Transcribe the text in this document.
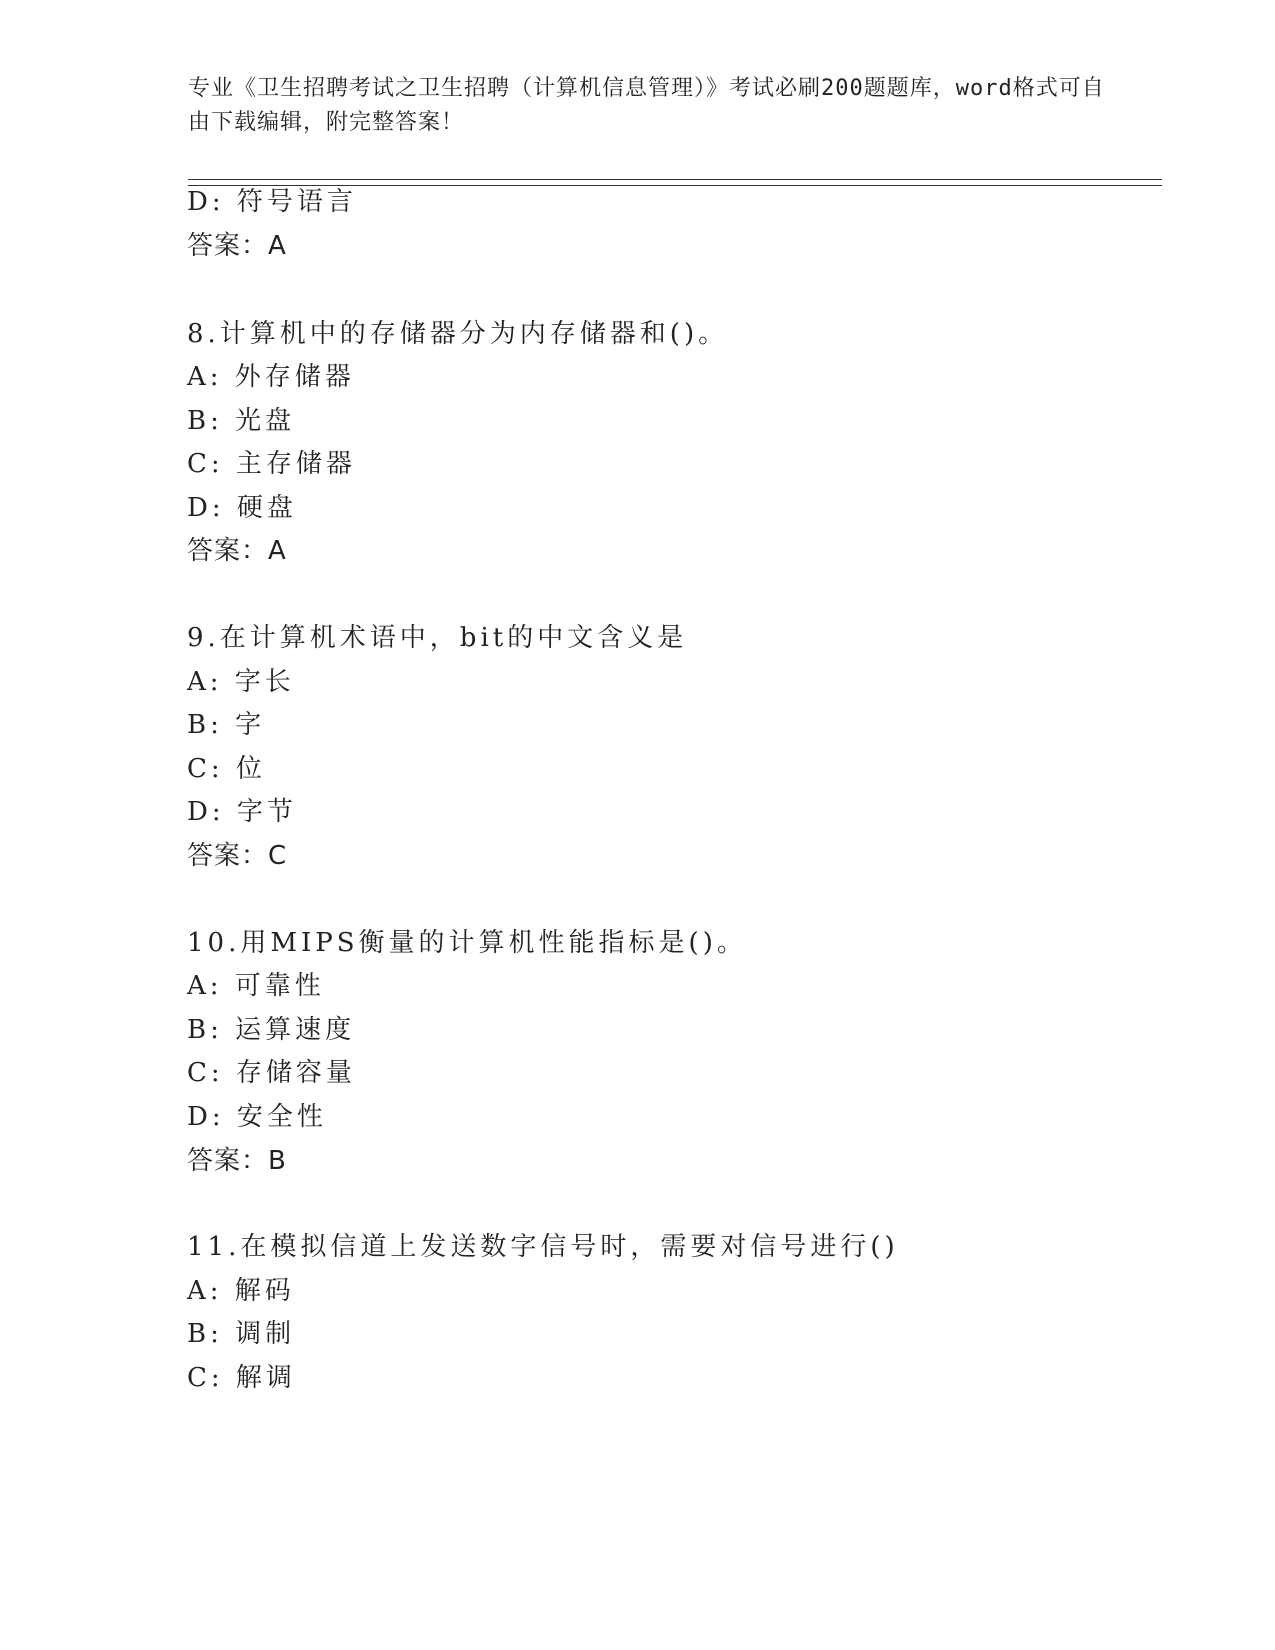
专业《卫生招聘考试之卫生招聘（计算机信息管理）》考试必刷200题题库，word格式可自由下载编辑，附完整答案！
D: 符号语言
答案：A
8.计算机中的存储器分为内存储器和()。
A: 外存储器
B: 光盘
C: 主存储器
D: 硬盘
答案：A
9.在计算机术语中，bit的中文含义是
A: 字长
B: 字
C: 位
D: 字节
答案：C
10.用MIPS衡量的计算机性能指标是()。
A: 可靠性
B: 运算速度
C: 存储容量
D: 安全性
答案：B
11.在模拟信道上发送数字信号时，需要对信号进行()
A: 解码
B: 调制
C: 解调
